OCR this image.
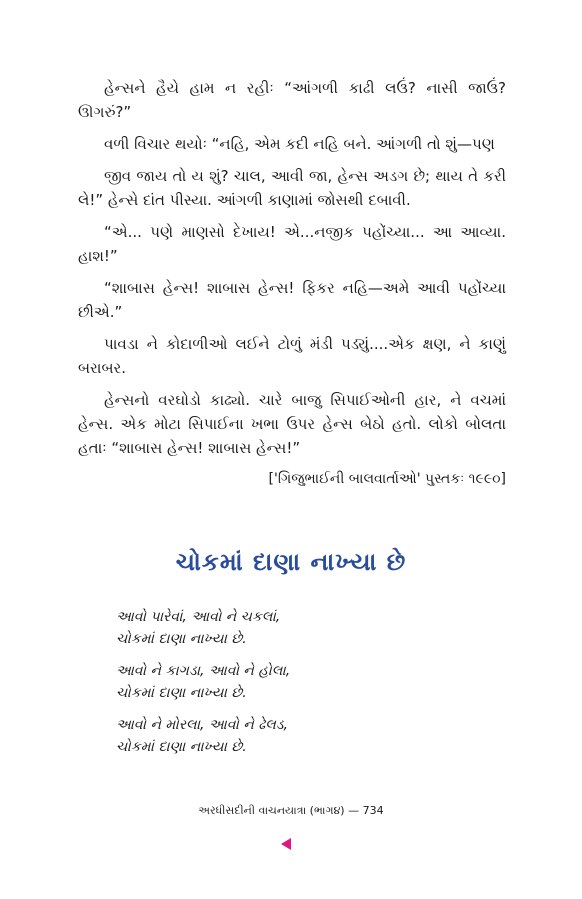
હેન્સને હૈયે હામ ન રહીઃ “આંગળી કાઢી લઉં? નાસી જાઉં? ઊગરું?”

વળી વિચાર થયોઃ “નહિ, એમ કદી નહિ બને. આંગળી તો શું—પણ

જીવ જાય તો ય શું? ચાલ, આવી જા, હેન્સ અડગ છે; થાય તે કરી લે!” હેન્સે દાંત પીસ્યા. આંગળી કાણામાં જોસથી દબાવી.

“એ... પણે માણસો દેખાય! એ...નજીક પહોંચ્યા... આ આવ્યા. હાશ!”

“શાબાસ હેન્સ! શાબાસ હેન્સ! ફિકર નહિ—અમે આવી પહોંચ્યા છીએ.”

પાવડા ને કોદાળીઓ લઈને ટોળું મંડી પડ્યું....એક ક્ષણ, ને કાણું બરાબર.

હેન્સનો વરઘોડો કાઢ્યો. ચારે બાજુ સિપાઈઓની હાર, ને વચમાં હેન્સ. એક મોટા સિપાઈના ખભા ઉપર હેન્સ બેઠો હતો. લોકો બોલતા હતાઃ “શાબાસ હેન્સ! શાબાસ હેન્સ!”

['ગિજુભાઈની બાલવાર્તાઓ' પુસ્તકઃ ૧૯૯૦]

ચોકમાં દાણા નાખ્યા છે
આવો પારેવાં, આવો ને ચકલાં,
ચોકમાં દાણા નાખ્યા છે.
આવો ને કાગડા, આવો ને હોલા,
ચોકમાં દાણા નાખ્યા છે.
આવો ને મોરલા, આવો ને ઢેલડ,
ચોકમાં દાણા નાખ્યા છે.
અરધીસદીની વાચનયાત્રા (ભાગ૪) — 734
